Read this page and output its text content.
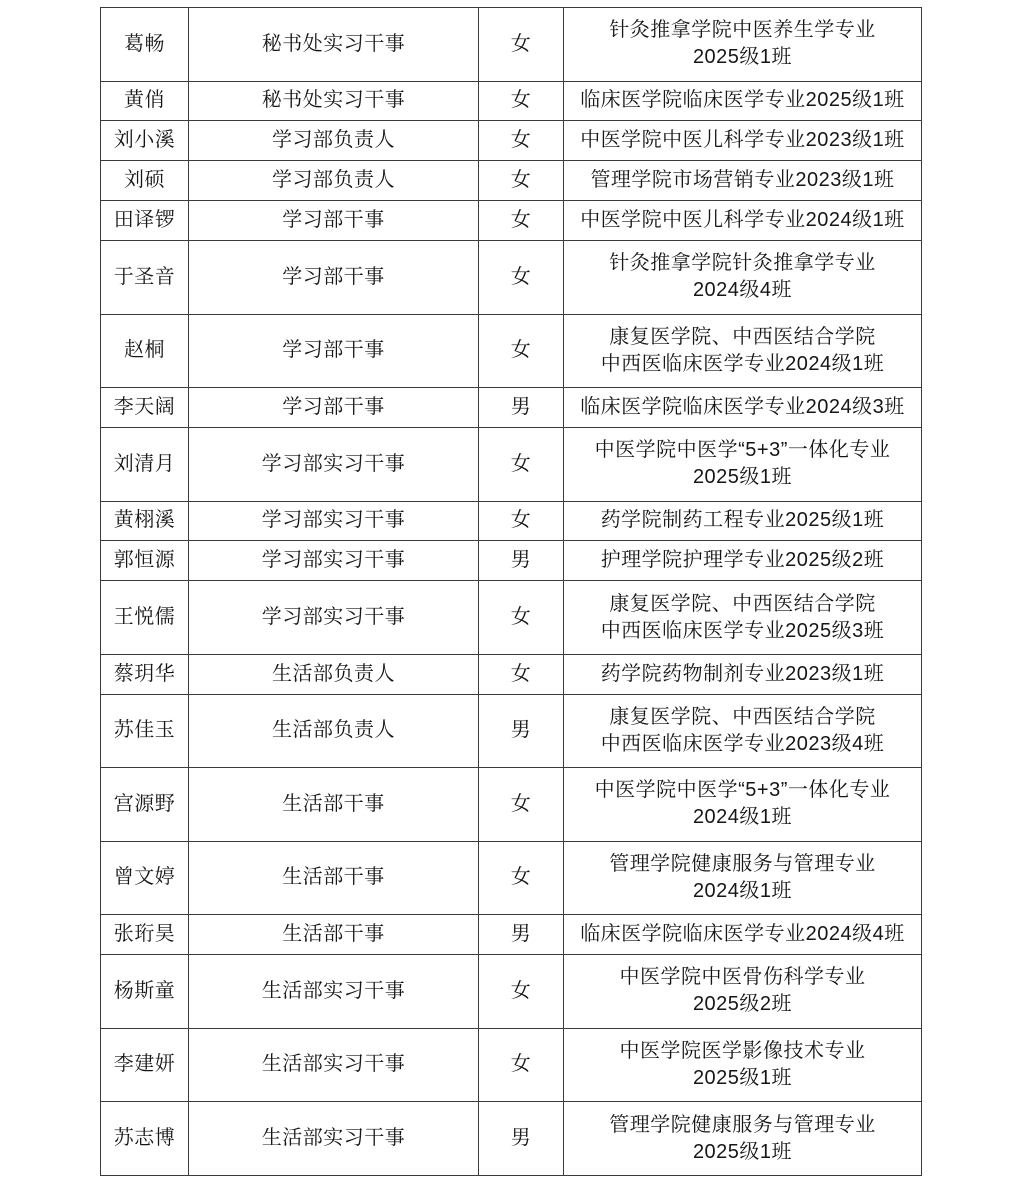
葛畅	秘书处实习干事	女	针灸推拿学院中医养生学专业
2025级1班

黄俏	秘书处实习干事	女	临床医学院临床医学专业2025级1班

刘小溪	学习部负责人	女	中医学院中医儿科学专业2023级1班

刘硕	学习部负责人	女	管理学院市场营销专业2023级1班

田译锣	学习部干事	女	中医学院中医儿科学专业2024级1班

于圣音	学习部干事	女	针灸推拿学院针灸推拿学专业
2024级4班

赵桐	学习部干事	女	康复医学院、中西医结合学院
中西医临床医学专业2024级1班

李天阔	学习部干事	男	临床医学院临床医学专业2024级3班

刘清月	学习部实习干事	女	中医学院中医学“5+3”一体化专业
2025级1班

黄栩溪	学习部实习干事	女	药学院制药工程专业2025级1班

郭恒源	学习部实习干事	男	护理学院护理学专业2025级2班

王悦儒	学习部实习干事	女	康复医学院、中西医结合学院
中西医临床医学专业2025级3班

蔡玥华	生活部负责人	女	药学院药物制剂专业2023级1班

苏佳玉	生活部负责人	男	康复医学院、中西医结合学院
中西医临床医学专业2023级4班

宫源野	生活部干事	女	中医学院中医学“5+3”一体化专业
2024级1班

曾文婷	生活部干事	女	管理学院健康服务与管理专业
2024级1班

张珩昊	生活部干事	男	临床医学院临床医学专业2024级4班

杨斯童	生活部实习干事	女	中医学院中医骨伤科学专业
2025级2班

李建妍	生活部实习干事	女	中医学院医学影像技术专业
2025级1班

苏志博	生活部实习干事	男	管理学院健康服务与管理专业
2025级1班
